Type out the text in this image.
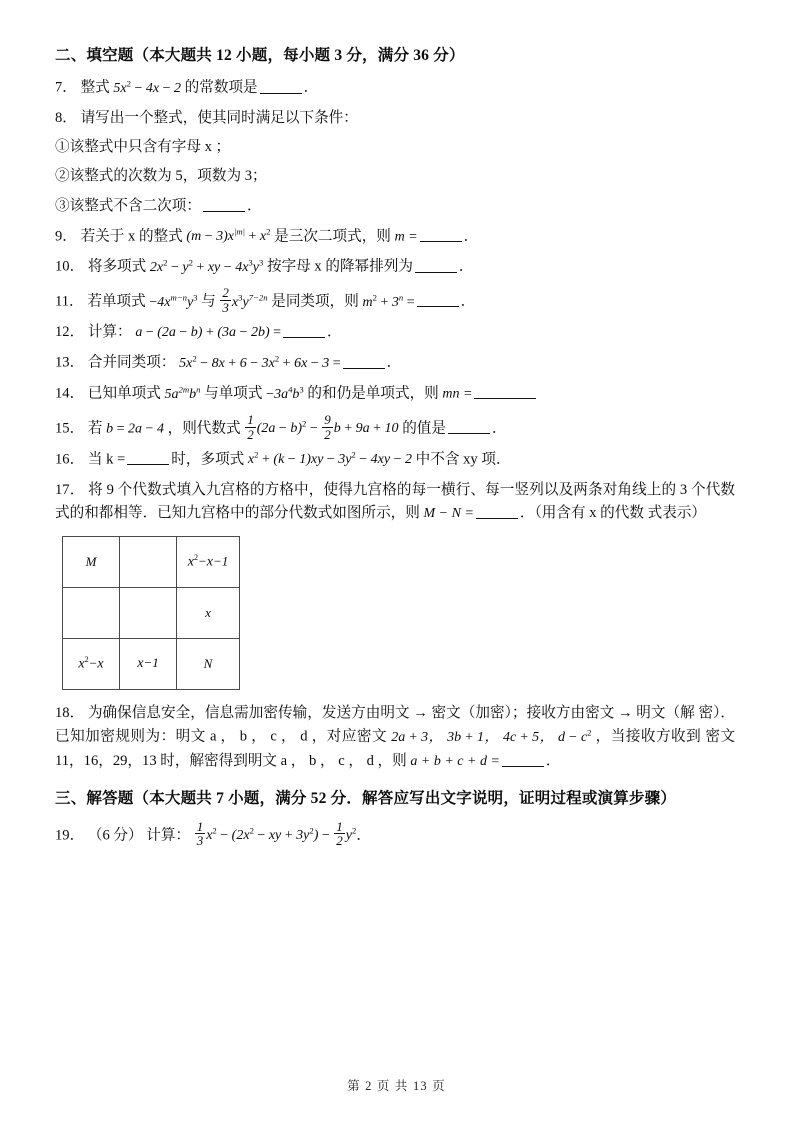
二、填空题（本大题共 12 小题，每小题 3 分，满分 36 分）
7． 整式 $5x^2 - 4x - 2$ 的常数项是	．
8． 请写出一个整式，使其同时满足以下条件：
①该整式中只含有字母 x ；
②该整式的次数为 5，项数为 3；
③该整式不含二次项：	．
9． 若关于 x 的整式 $(m - 3)x^{|m|} + x^2$ 是三次二项式，则 m =	．
10． 将多项式 $2x^2 - y^2$ + xy − $4x^3y^3$ 按字母 x 的降幂排列为	．
11． 若单项式 $-4x^{m-n}y^3$ 与 $\frac{2}{3} x^3y^{7-2n}$ 是同类项，则 $m^2 + 3^n$ =	．
12． 计算： a − (2a − b) + (3a − 2b) =	．
13． 合并同类项： $5x^2 - 8x + 6 - 3x^2 + 6x - 3$ =	．
14． 已知单项式 $5a^{2m}b^n$ 与单项式 $-3a^4b^3$ 的和仍是单项式，则 mn =
15． 若 b = 2a − 4 ，则代数式 $\frac{1}{2} (2a - b)^2 - \frac{9}{2}$ b + 9a + 10 的值是	．
16． 当 k =	时，多项式 $x^2 + (k - 1)xy - 3y^2 - 4xy - 2$ 中不含 xy 项．
17． 将 9 个代数式填入九宫格的方格中，使得九宫格的每一横行、每一竖列以及两条对角线上的 3 个代数式的和都相等．已知九宫格中的部分代数式如图所示，则 M − N =	．（用含有 x 的代数 式表示）
M		$x^2-x-1$
		x
$x^2-x$	x−1	N
18． 为确保信息安全，信息需加密传输，发送方由明文 → 密文（加密）；接收方由密文 → 明文（解 密）．已知加密规则为：明文 a ， b ， c ， d ，对应密文 2a + 3， 3b + 1， 4c + 5， $d - c^2$ ，当接收方收到 密文 11，16，29，13 时，解密得到明文 a ， b ， c ， d ，则 a + b + c + d =	．
三、解答题（本大题共 7 小题，满分 52 分．解答应写出文字说明，证明过程或演算步骤）
19． （6 分） 计算： $\frac{1}{3} x^2 - (2x^2$ − xy + $3y^2) - \frac{1}{2} y^2$．
第 2 页 共 13 页
